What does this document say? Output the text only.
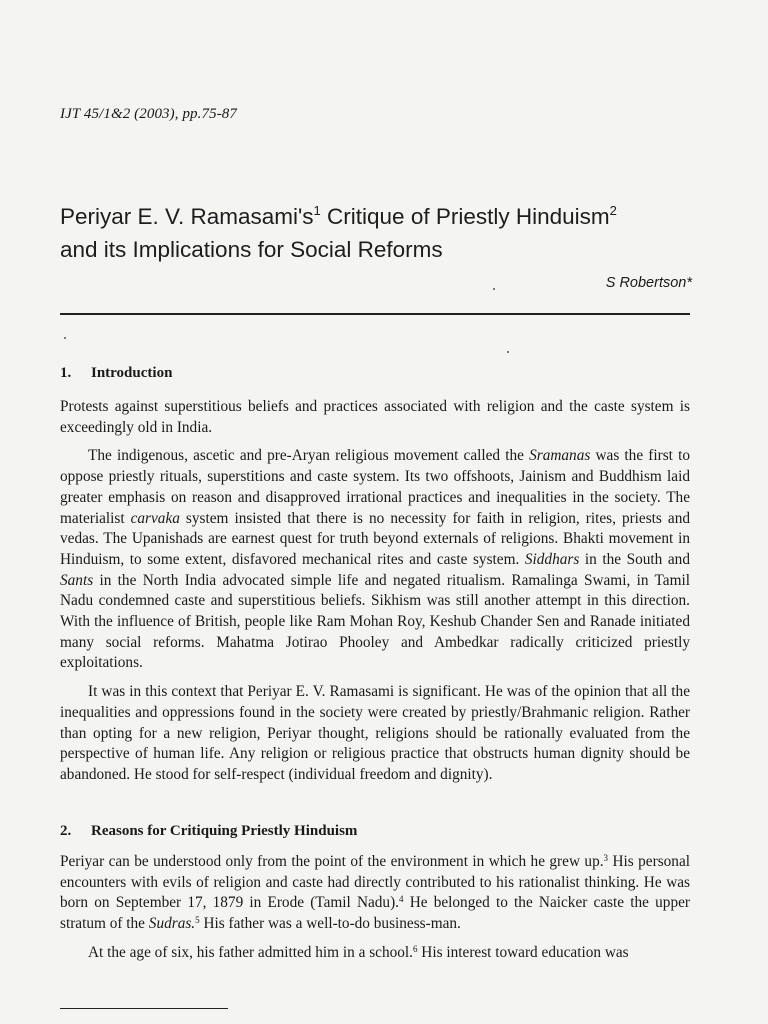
IJT 45/1&2 (2003), pp.75-87
Periyar E. V. $Ramasami's^1$ Critique of Priestly Hinduism$^2$
and its Implications for Social Reforms
S Robertson*
1. Introduction

Protests against superstitious beliefs and practices associated with religion and the caste system is exceedingly old in India.

The indigenous, ascetic and pre-Aryan religious movement called the Sramanas was the first to oppose priestly rituals, superstitions and caste system. Its two offshoots, Jainism and Buddhism laid greater emphasis on reason and disapproved irrational practices and inequalities in the society. The materialist carvaka system insisted that there is no necessity for faith in religion, rites, priests and vedas. The Upanishads are earnest quest for truth beyond externals of religions. Bhakti movement in Hinduism, to some extent, disfavored mechanical rites and caste system. Siddhars in the South and Sants in the North India advocated simple life and negated ritualism. Ramalinga Swami, in Tamil Nadu condemned caste and superstitious beliefs. Sikhism was still another attempt in this direction. With the influence of British, people like Ram Mohan Roy, Keshub Chander Sen and Ranade initiated many social reforms. Mahatma Jotirao Phooley and Ambedkar radically criticized priestly exploitations.

It was in this context that Periyar E. V. Ramasami is significant. He was of the opinion that all the inequalities and oppressions found in the society were created by priestly/Brahmanic religion. Rather than opting for a new religion, Periyar thought, religions should be rationally evaluated from the perspective of human life. Any religion or religious practice that obstructs human dignity should be abandoned. He stood for self-respect (individual freedom and dignity).

2. Reasons for Critiquing Priestly Hinduism

Periyar can be understood only from the point of the environment in which he grew up.$^3$ His personal encounters with evils of religion and caste had directly contributed to his rationalist thinking. He was born on September 17, 1879 in Erode (Tamil Nadu).$^4$ He belonged to the Naicker caste the upper stratum of the Sudras.$^5$ His father was a well-to-do business-man.

At the age of six, his father admitted him in a school.$^6$ His interest toward education was
